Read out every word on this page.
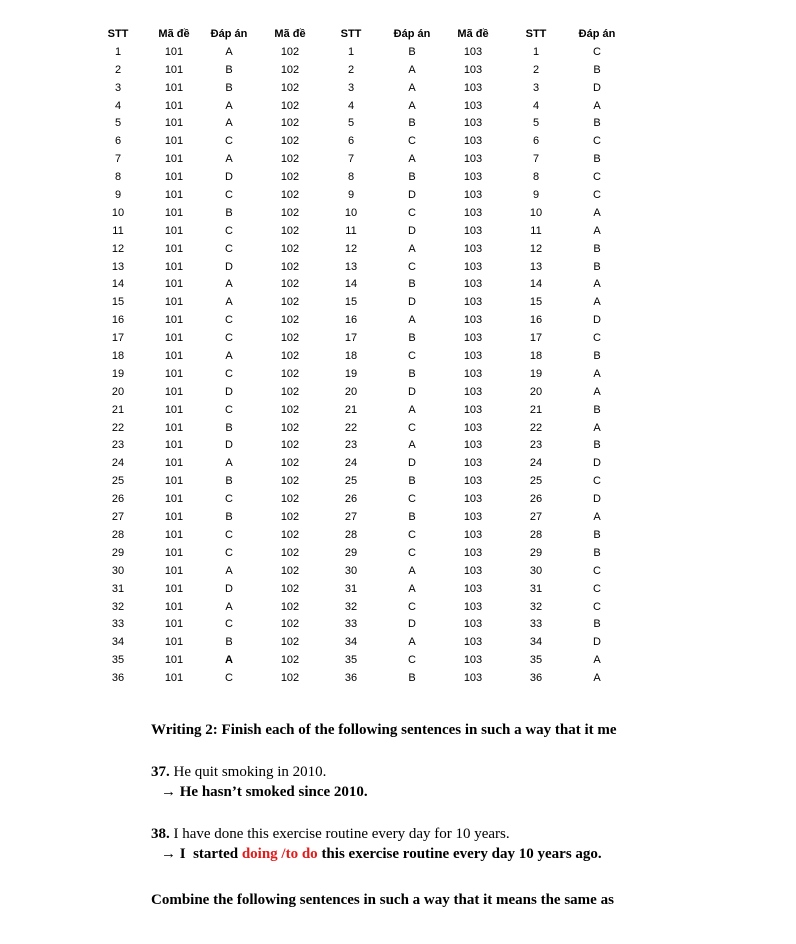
STT	Mã đề	Đáp án	Mã đề	STT	Đáp án	Mã đề	STT	Đáp án
1	101	A	102	1	B	103	1	C
2	101	B	102	2	A	103	2	B
3	101	B	102	3	A	103	3	D
4	101	A	102	4	A	103	4	A
5	101	A	102	5	B	103	5	B
6	101	C	102	6	C	103	6	C
7	101	A	102	7	A	103	7	B
8	101	D	102	8	B	103	8	C
9	101	C	102	9	D	103	9	C
10	101	B	102	10	C	103	10	A
11	101	C	102	11	D	103	11	A
12	101	C	102	12	A	103	12	B
13	101	D	102	13	C	103	13	B
14	101	A	102	14	B	103	14	A
15	101	A	102	15	D	103	15	A
16	101	C	102	16	A	103	16	D
17	101	C	102	17	B	103	17	C
18	101	A	102	18	C	103	18	B
19	101	C	102	19	B	103	19	A
20	101	D	102	20	D	103	20	A
21	101	C	102	21	A	103	21	B
22	101	B	102	22	C	103	22	A
23	101	D	102	23	A	103	23	B
24	101	A	102	24	D	103	24	D
25	101	B	102	25	B	103	25	C
26	101	C	102	26	C	103	26	D
27	101	B	102	27	B	103	27	A
28	101	C	102	28	C	103	28	B
29	101	C	102	29	C	103	29	B
30	101	A	102	30	A	103	30	C
31	101	D	102	31	A	103	31	C
32	101	A	102	32	C	103	32	C
33	101	C	102	33	D	103	33	B
34	101	B	102	34	A	103	34	D
35	101	A	102	35	C	103	35	A
36	101	C	102	36	B	103	36	A
Writing 2: Finish each of the following sentences in such a way that it me
37. He quit smoking in 2010.
→ He hasn’t smoked since 2010.
38. I have done this exercise routine every day for 10 years.
→ I  started doing /to do this exercise routine every day 10 years ago.
Combine the following sentences in such a way that it means the same as
